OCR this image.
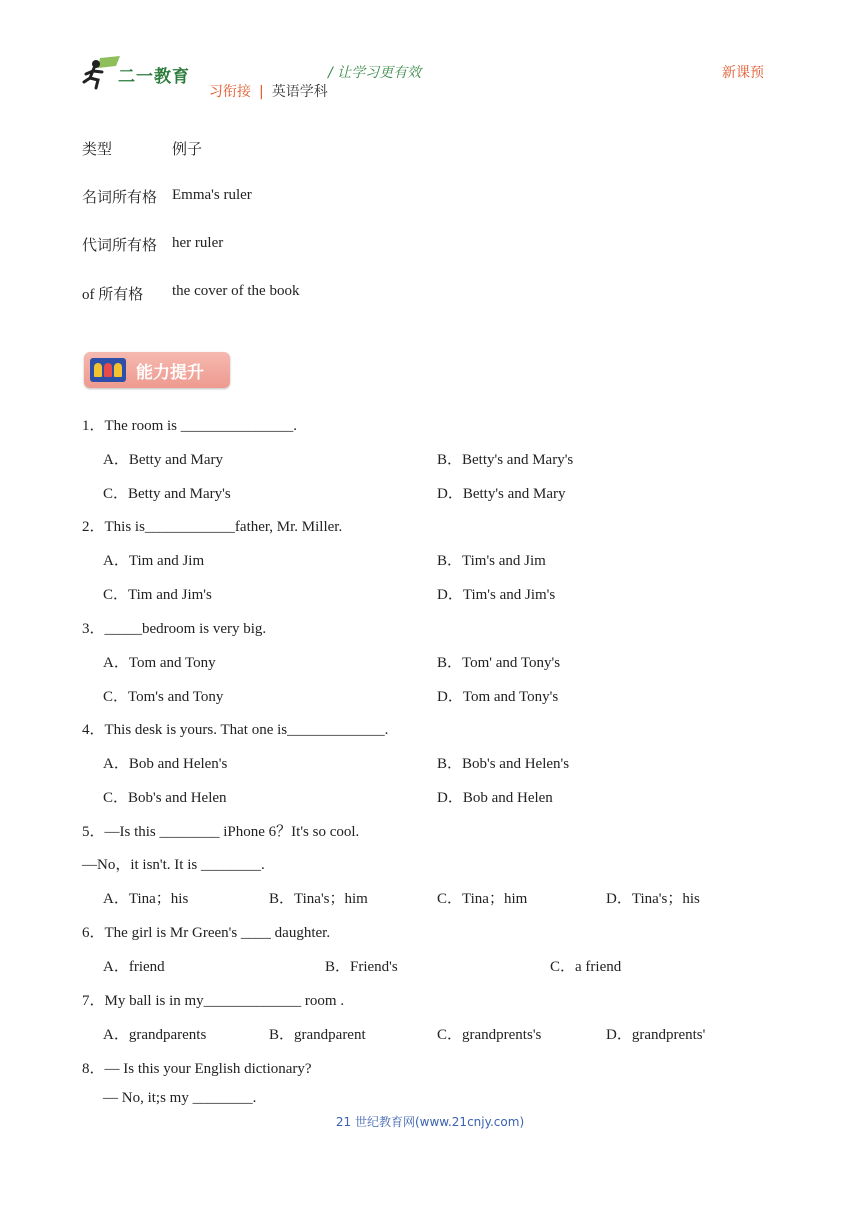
二一教育	/ 让学习更有效
习衔接 | 英语学科
新课预
类型	例子
名词所有格 Emma's ruler
代词所有格 her ruler
of 所有格 the cover of the book
能力提升
1．The room is _______________.
A．Betty and Mary	B．Betty's and Mary's
C．Betty and Mary's	D．Betty's and Mary
2．This is____________father, Mr. Miller.
A．Tim and Jim	B．Tim's and Jim
C．Tim and Jim's	D．Tim's and Jim's
3．_____bedroom is very big.
A．Tom and Tony	B．Tom' and Tony's
C．Tom's and Tony	D．Tom and Tony's
4．This desk is yours. That one is_____________.
A．Bob and Helen's	B．Bob's and Helen's
C．Bob's and Helen	D．Bob and Helen
5．—Is this ________ iPhone 6？It's so cool.
—No，it isn't. It is ________.
A．Tina；his	B．Tina's；him	C．Tina；him	D．Tina's；his
6．The girl is Mr Green's ____ daughter.
A．friend	B．Friend's	C．a friend
7．My ball is in my_____________ room .
A．grandparents	B．grandparent	C．grandprents's	D．grandprents'
8．— Is this your English dictionary?
— No, it;s my ________.
21 世纪教育网(www.21cnjy.com)
